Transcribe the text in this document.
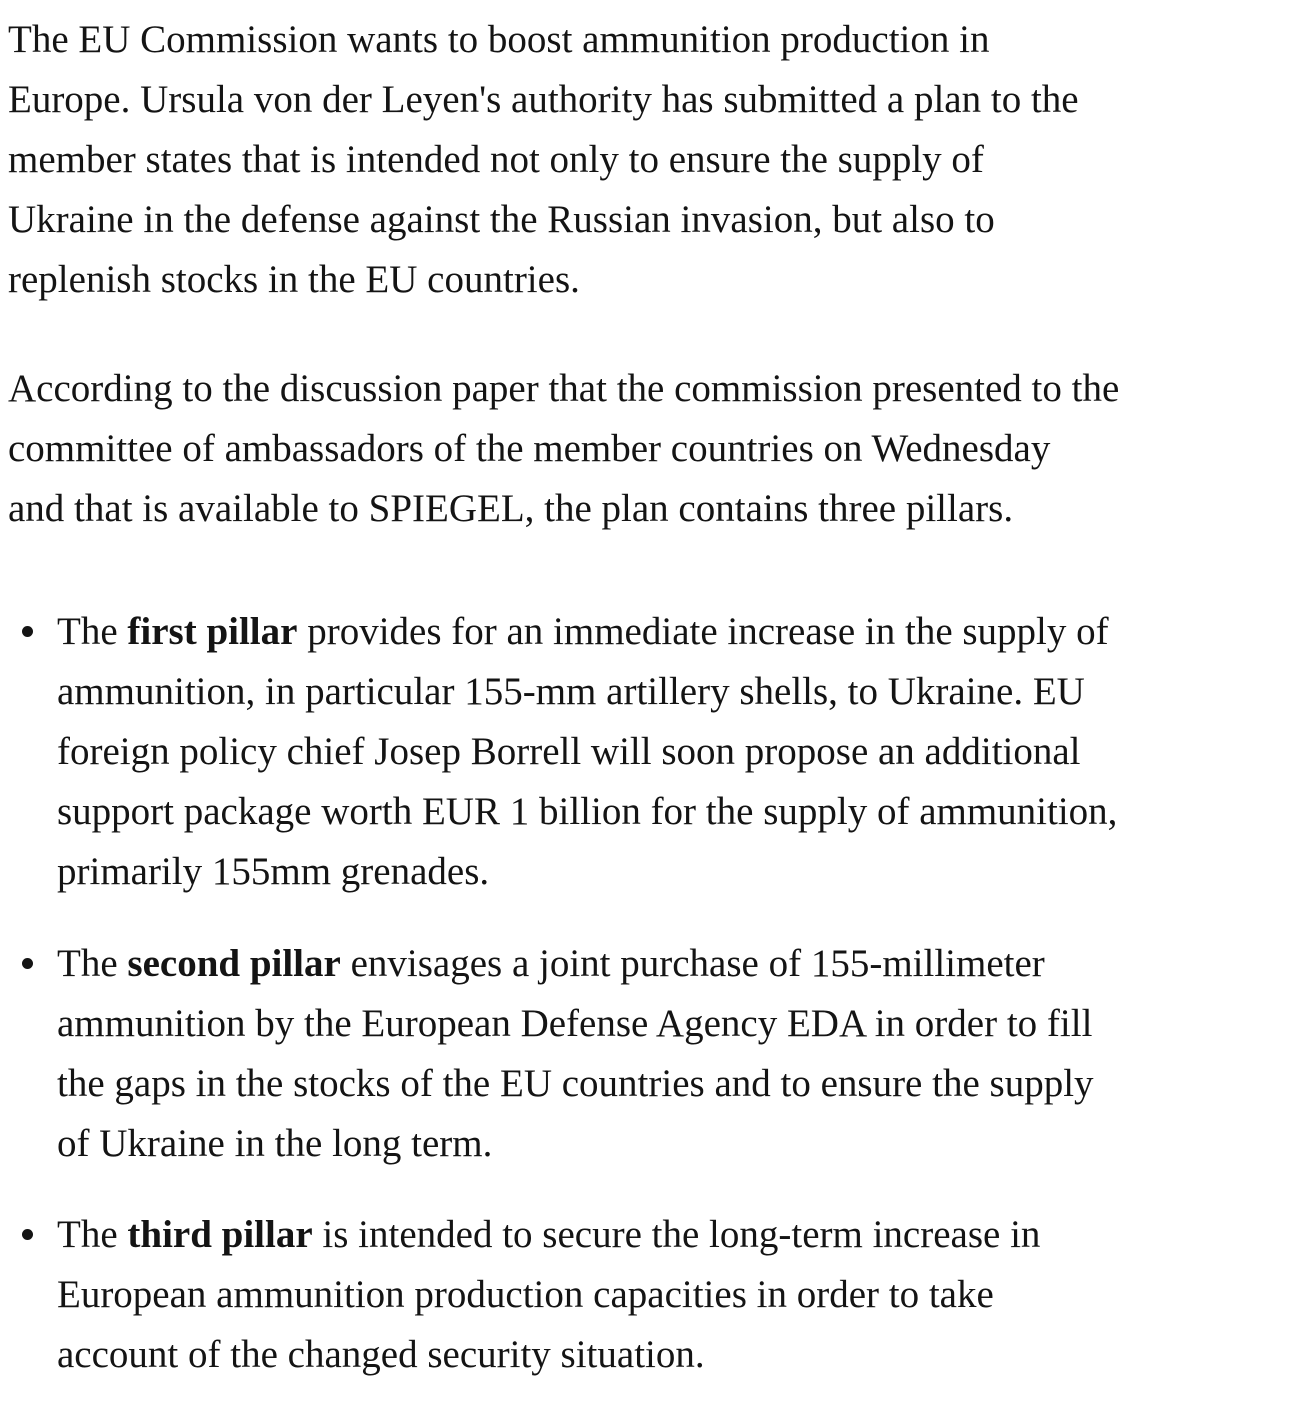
The EU Commission wants to boost ammunition production in
Europe. Ursula von der Leyen's authority has submitted a plan to the
member states that is intended not only to ensure the supply of
Ukraine in the defense against the Russian invasion, but also to
replenish stocks in the EU countries.
According to the discussion paper that the commission presented to the
committee of ambassadors of the member countries on Wednesday
and that is available to SPIEGEL, the plan contains three pillars.
The first pillar provides for an immediate increase in the supply of
ammunition, in particular 155-mm artillery shells, to Ukraine. EU
foreign policy chief Josep Borrell will soon propose an additional
support package worth EUR 1 billion for the supply of ammunition,
primarily 155mm grenades.
The second pillar envisages a joint purchase of 155-millimeter
ammunition by the European Defense Agency EDA in order to fill
the gaps in the stocks of the EU countries and to ensure the supply
of Ukraine in the long term.
The third pillar is intended to secure the long-term increase in
European ammunition production capacities in order to take
account of the changed security situation.
